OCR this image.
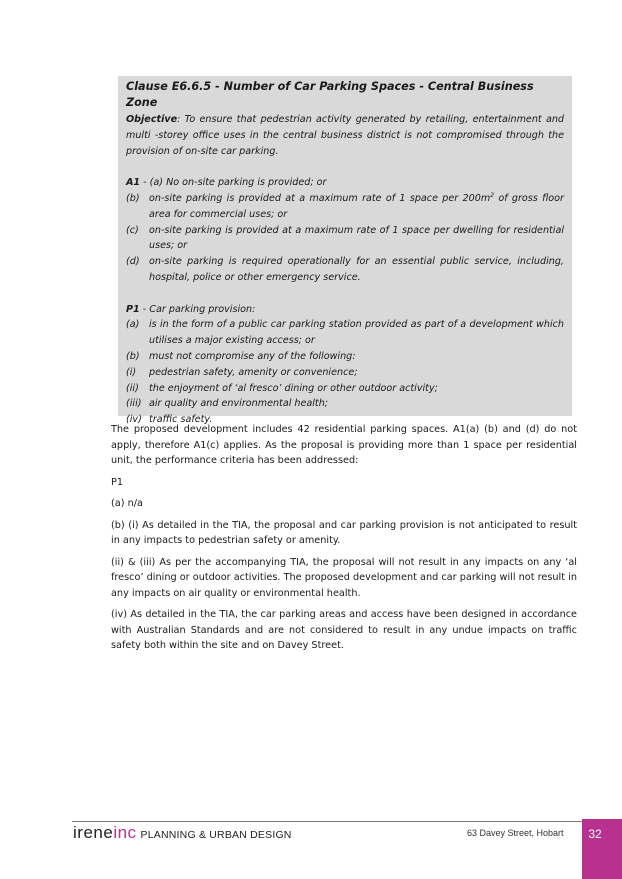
Clause E6.6.5 - Number of Car Parking Spaces - Central Business Zone
Objective: To ensure that pedestrian activity generated by retailing, entertainment and multi -storey office uses in the central business district is not compromised through the provision of on-site car parking.
A1 - (a) No on-site parking is provided; or
(b) on-site parking is provided at a maximum rate of 1 space per $200m^2$ of gross floor area for commercial uses; or
(c)	on-site parking is provided at a maximum rate of 1 space per dwelling for residential uses; or
(d) on-site parking is required operationally for an essential public service, including, hospital, police or other emergency service.
P1 - Car parking provision:
(a)	is in the form of a public car parking station provided as part of a development which utilises a major existing access; or
(b) must not compromise any of the following:
(i)	pedestrian safety, amenity or convenience;
(ii)	the enjoyment of ‘al fresco’ dining or other outdoor activity;
(iii) air quality and environmental health;
(iv) traffic safety.

The proposed development includes 42 residential parking spaces. A1(a) (b) and (d) do not apply, therefore A1(c) applies. As the proposal is providing more than 1 space per residential unit, the performance criteria has been addressed:

P1

(a) n/a

(b) (i) As detailed in the TIA, the proposal and car parking provision is not anticipated to result in any impacts to pedestrian safety or amenity.

(ii) & (iii) As per the accompanying TIA, the proposal will not result in any impacts on any ‘al fresco’ dining or outdoor activities. The proposed development and car parking will not result in any impacts on air quality or environmental health.

(iv) As detailed in the TIA, the car parking areas and access have been designed in accordance with Australian Standards and are not considered to result in any undue impacts on traffic safety both within the site and on Davey Street.

ireneinc PLANNING & URBAN DESIGN	63 Davey Street, Hobart	32
